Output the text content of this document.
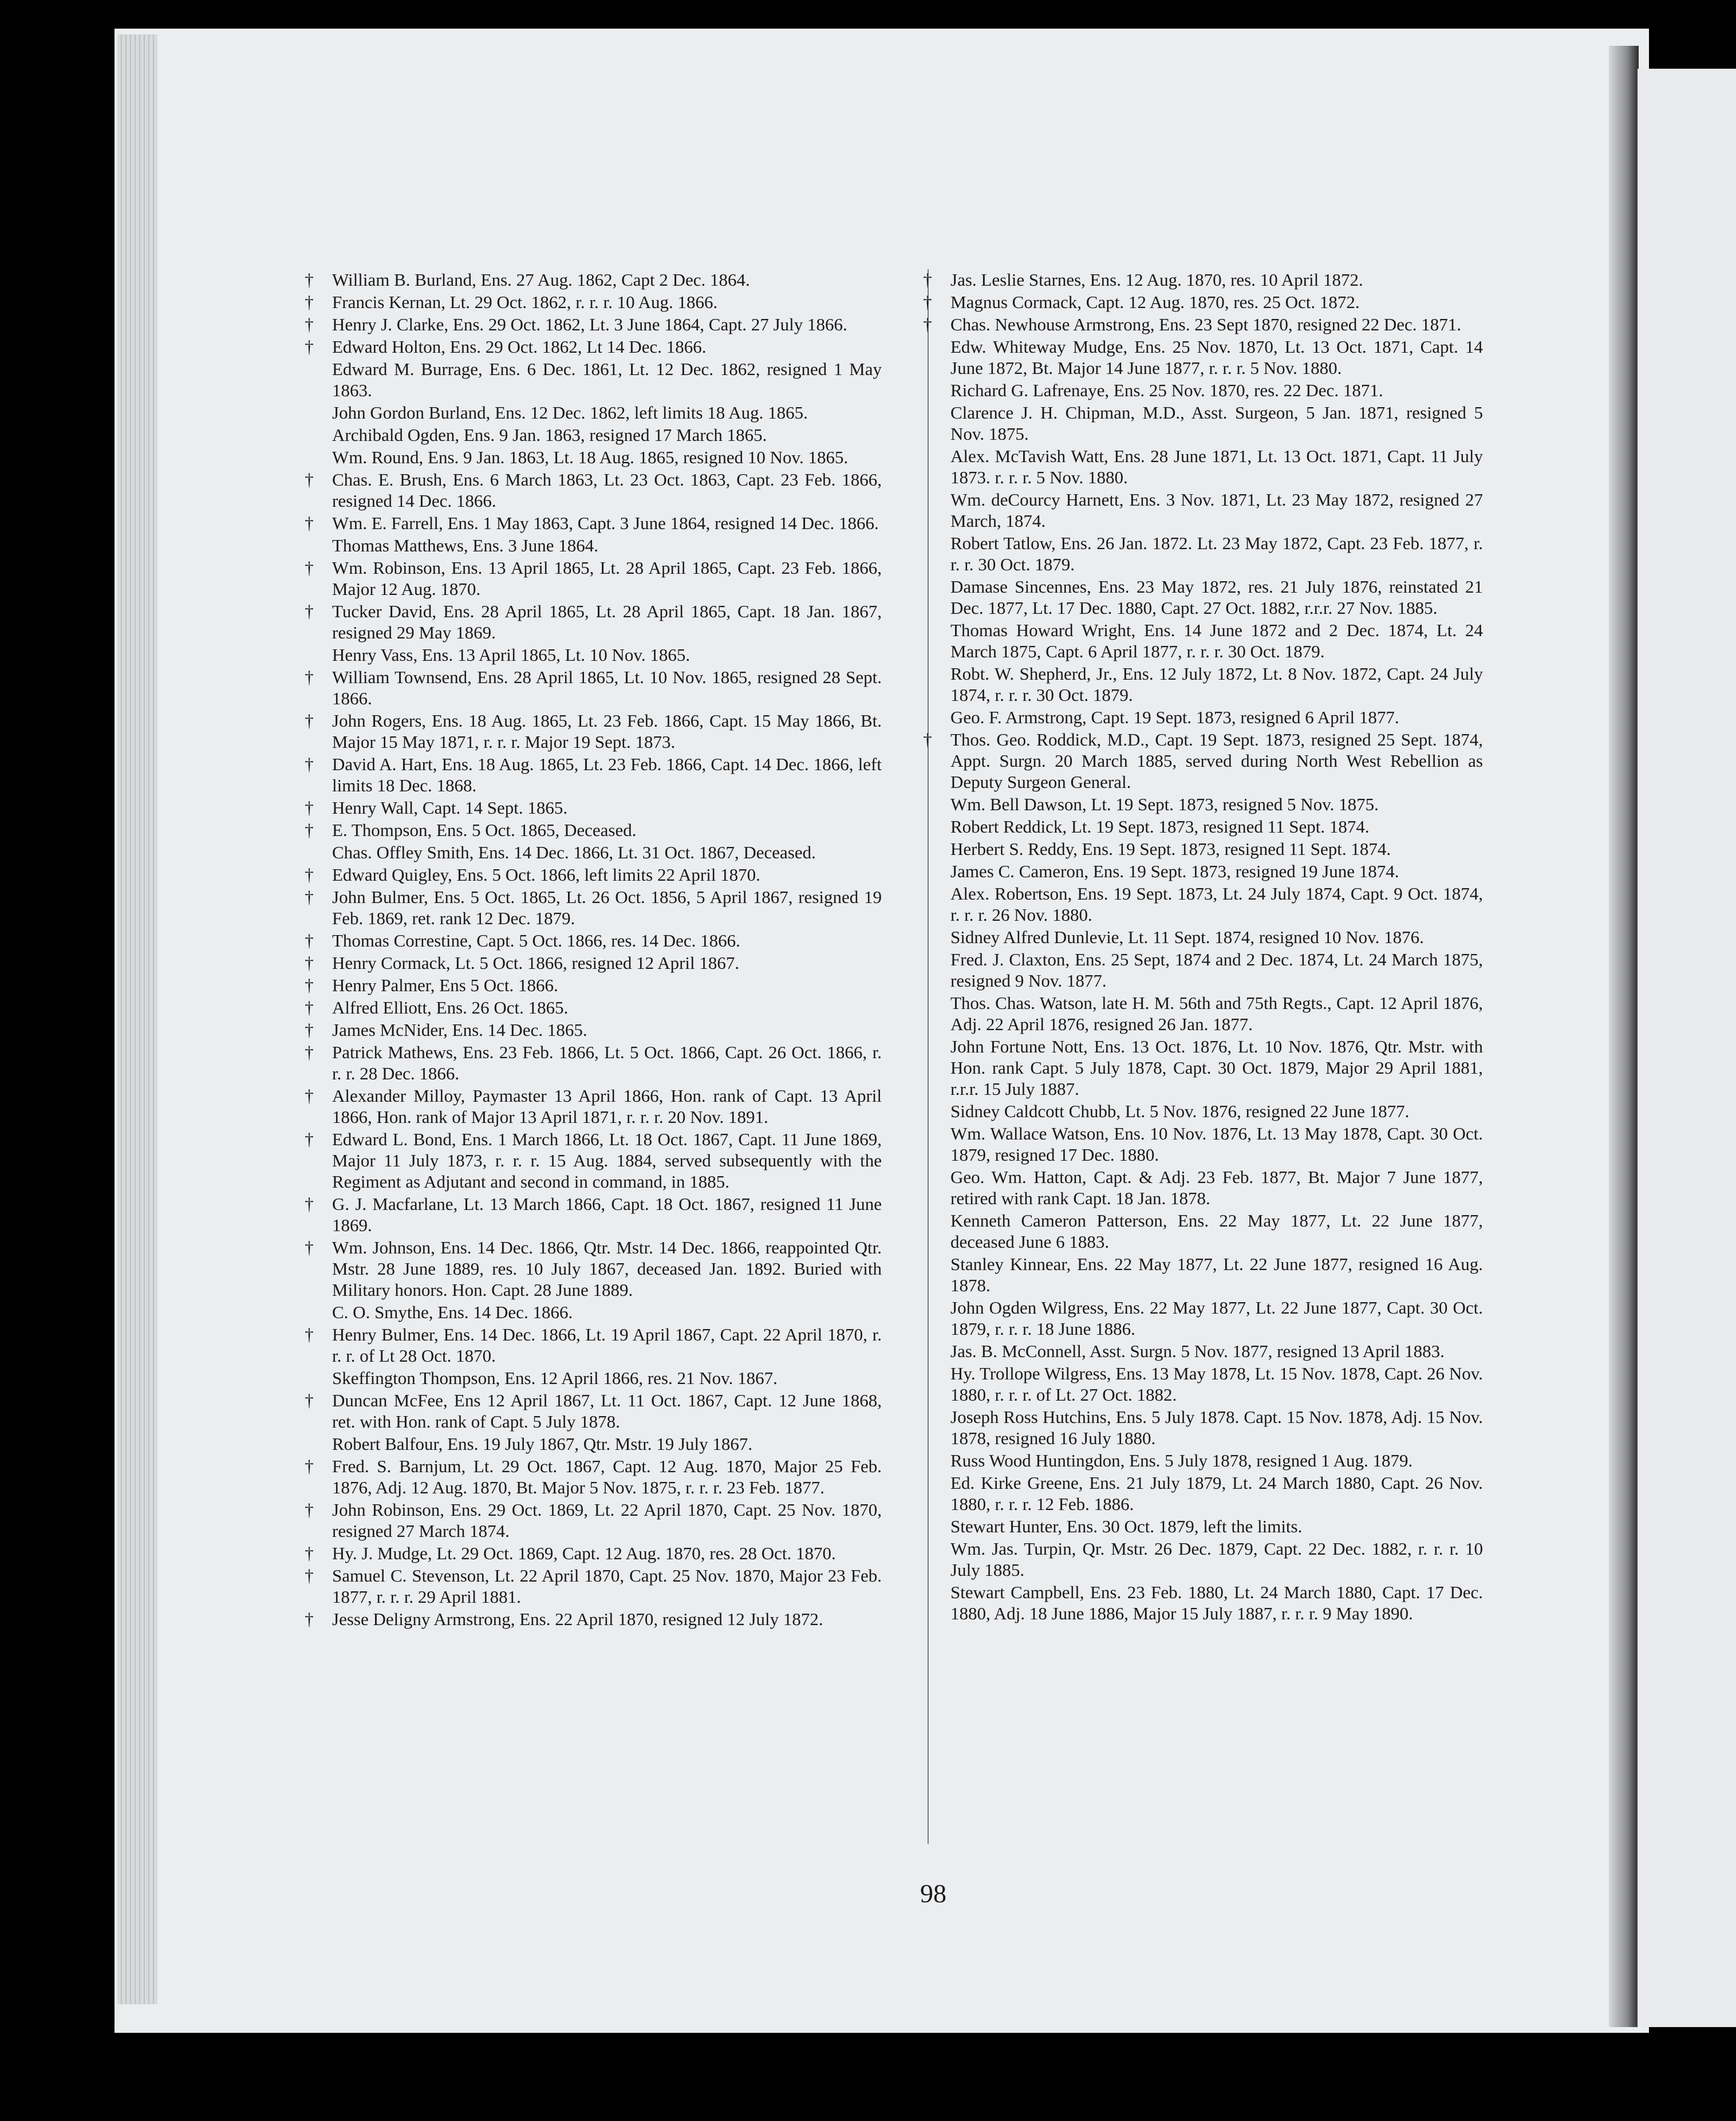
†	William B. Burland, Ens. 27 Aug. 1862, Capt 2 Dec. 1864.
†	Francis Kernan, Lt. 29 Oct. 1862, r. r. r. 10 Aug. 1866.
†	Henry J. Clarke, Ens. 29 Oct. 1862, Lt. 3 June 1864, Capt. 27 July 1866.
†	Edward Holton, Ens. 29 Oct. 1862, Lt 14 Dec. 1866.
Edward M. Burrage, Ens. 6 Dec. 1861, Lt. 12 Dec. 1862, resigned 1 May 1863.
John Gordon Burland, Ens. 12 Dec. 1862, left limits 18 Aug. 1865.
Archibald Ogden, Ens. 9 Jan. 1863, resigned 17 March 1865.
Wm. Round, Ens. 9 Jan. 1863, Lt. 18 Aug. 1865, resigned 10 Nov. 1865.
†	Chas. E. Brush, Ens. 6 March 1863, Lt. 23 Oct. 1863, Capt. 23 Feb. 1866, resigned 14 Dec. 1866.
†	Wm. E. Farrell, Ens. 1 May 1863, Capt. 3 June 1864, resigned 14 Dec. 1866.
Thomas Matthews, Ens. 3 June 1864.
†	Wm. Robinson, Ens. 13 April 1865, Lt. 28 April 1865, Capt. 23 Feb. 1866, Major 12 Aug. 1870.
†	Tucker David, Ens. 28 April 1865, Lt. 28 April 1865, Capt. 18 Jan. 1867, resigned 29 May 1869.
Henry Vass, Ens. 13 April 1865, Lt. 10 Nov. 1865.
†	William Townsend, Ens. 28 April 1865, Lt. 10 Nov. 1865, resigned 28 Sept. 1866.
†	John Rogers, Ens. 18 Aug. 1865, Lt. 23 Feb. 1866, Capt. 15 May 1866, Bt. Major 15 May 1871, r. r. r. Major 19 Sept. 1873.
†	David A. Hart, Ens. 18 Aug. 1865, Lt. 23 Feb. 1866, Capt. 14 Dec. 1866, left limits 18 Dec. 1868.
†	Henry Wall, Capt. 14 Sept. 1865.
†	E. Thompson, Ens. 5 Oct. 1865, Deceased.
Chas. Offley Smith, Ens. 14 Dec. 1866, Lt. 31 Oct. 1867, Deceased.
†	Edward Quigley, Ens. 5 Oct. 1866, left limits 22 April 1870.
†	John Bulmer, Ens. 5 Oct. 1865, Lt. 26 Oct. 1856, 5 April 1867, resigned 19 Feb. 1869, ret. rank 12 Dec. 1879.
†	Thomas Correstine, Capt. 5 Oct. 1866, res. 14 Dec. 1866.
†	Henry Cormack, Lt. 5 Oct. 1866, resigned 12 April 1867.
†	Henry Palmer, Ens 5 Oct. 1866.
†	Alfred Elliott, Ens. 26 Oct. 1865.
†	James McNider, Ens. 14 Dec. 1865.
†	Patrick Mathews, Ens. 23 Feb. 1866, Lt. 5 Oct. 1866, Capt. 26 Oct. 1866, r. r. r. 28 Dec. 1866.
†	Alexander Milloy, Paymaster 13 April 1866, Hon. rank of Capt. 13 April 1866, Hon. rank of Major 13 April 1871, r. r. r. 20 Nov. 1891.
†	Edward L. Bond, Ens. 1 March 1866, Lt. 18 Oct. 1867, Capt. 11 June 1869, Major 11 July 1873, r. r. r. 15 Aug. 1884, served subsequently with the Regiment as Adjutant and second in command, in 1885.
†	G. J. Macfarlane, Lt. 13 March 1866, Capt. 18 Oct. 1867, resigned 11 June 1869.
†	Wm. Johnson, Ens. 14 Dec. 1866, Qtr. Mstr. 14 Dec. 1866, reappointed Qtr. Mstr. 28 June 1889, res. 10 July 1867, deceased Jan. 1892. Buried with Military honors. Hon. Capt. 28 June 1889.
C. O. Smythe, Ens. 14 Dec. 1866.
†	Henry Bulmer, Ens. 14 Dec. 1866, Lt. 19 April 1867, Capt. 22 April 1870, r. r. r. of Lt 28 Oct. 1870.
Skeffington Thompson, Ens. 12 April 1866, res. 21 Nov. 1867.
†	Duncan McFee, Ens 12 April 1867, Lt. 11 Oct. 1867, Capt. 12 June 1868, ret. with Hon. rank of Capt. 5 July 1878.
Robert Balfour, Ens. 19 July 1867, Qtr. Mstr. 19 July 1867.
†	Fred. S. Barnjum, Lt. 29 Oct. 1867, Capt. 12 Aug. 1870, Major 25 Feb. 1876, Adj. 12 Aug. 1870, Bt. Major 5 Nov. 1875, r. r. r. 23 Feb. 1877.
†	John Robinson, Ens. 29 Oct. 1869, Lt. 22 April 1870, Capt. 25 Nov. 1870, resigned 27 March 1874.
†	Hy. J. Mudge, Lt. 29 Oct. 1869, Capt. 12 Aug. 1870, res. 28 Oct. 1870.
†	Samuel C. Stevenson, Lt. 22 April 1870, Capt. 25 Nov. 1870, Major 23 Feb. 1877, r. r. r. 29 April 1881.
†	Jesse Deligny Armstrong, Ens. 22 April 1870, resigned 12 July 1872.
†	Jas. Leslie Starnes, Ens. 12 Aug. 1870, res. 10 April 1872.
†	Magnus Cormack, Capt. 12 Aug. 1870, res. 25 Oct. 1872.
†	Chas. Newhouse Armstrong, Ens. 23 Sept 1870, resigned 22 Dec. 1871.
Edw. Whiteway Mudge, Ens. 25 Nov. 1870, Lt. 13 Oct. 1871, Capt. 14 June 1872, Bt. Major 14 June 1877, r. r. r. 5 Nov. 1880.
Richard G. Lafrenaye, Ens. 25 Nov. 1870, res. 22 Dec. 1871.
Clarence J. H. Chipman, M.D., Asst. Surgeon, 5 Jan. 1871, resigned 5 Nov. 1875.
Alex. McTavish Watt, Ens. 28 June 1871, Lt. 13 Oct. 1871, Capt. 11 July 1873. r. r. r. 5 Nov. 1880.
Wm. deCourcy Harnett, Ens. 3 Nov. 1871, Lt. 23 May 1872, resigned 27 March, 1874.
Robert Tatlow, Ens. 26 Jan. 1872. Lt. 23 May 1872, Capt. 23 Feb. 1877, r. r. r. 30 Oct. 1879.
Damase Sincennes, Ens. 23 May 1872, res. 21 July 1876, reinstated 21 Dec. 1877, Lt. 17 Dec. 1880, Capt. 27 Oct. 1882, r.r.r. 27 Nov. 1885.
Thomas Howard Wright, Ens. 14 June 1872 and 2 Dec. 1874, Lt. 24 March 1875, Capt. 6 April 1877, r. r. r. 30 Oct. 1879.
Robt. W. Shepherd, Jr., Ens. 12 July 1872, Lt. 8 Nov. 1872, Capt. 24 July 1874, r. r. r. 30 Oct. 1879.
Geo. F. Armstrong, Capt. 19 Sept. 1873, resigned 6 April 1877.
†	Thos. Geo. Roddick, M.D., Capt. 19 Sept. 1873, resigned 25 Sept. 1874, Appt. Surgn. 20 March 1885, served during North West Rebellion as Deputy Surgeon General.
Wm. Bell Dawson, Lt. 19 Sept. 1873, resigned 5 Nov. 1875.
Robert Reddick, Lt. 19 Sept. 1873, resigned 11 Sept. 1874.
Herbert S. Reddy, Ens. 19 Sept. 1873, resigned 11 Sept. 1874.
James C. Cameron, Ens. 19 Sept. 1873, resigned 19 June 1874.
Alex. Robertson, Ens. 19 Sept. 1873, Lt. 24 July 1874, Capt. 9 Oct. 1874, r. r. r. 26 Nov. 1880.
Sidney Alfred Dunlevie, Lt. 11 Sept. 1874, resigned 10 Nov. 1876.
Fred. J. Claxton, Ens. 25 Sept, 1874 and 2 Dec. 1874, Lt. 24 March 1875, resigned 9 Nov. 1877.
Thos. Chas. Watson, late H. M. 56th and 75th Regts., Capt. 12 April 1876, Adj. 22 April 1876, resigned 26 Jan. 1877.
John Fortune Nott, Ens. 13 Oct. 1876, Lt. 10 Nov. 1876, Qtr. Mstr. with Hon. rank Capt. 5 July 1878, Capt. 30 Oct. 1879, Major 29 April 1881, r.r.r. 15 July 1887.
Sidney Caldcott Chubb, Lt. 5 Nov. 1876, resigned 22 June 1877.
Wm. Wallace Watson, Ens. 10 Nov. 1876, Lt. 13 May 1878, Capt. 30 Oct. 1879, resigned 17 Dec. 1880.
Geo. Wm. Hatton, Capt. & Adj. 23 Feb. 1877, Bt. Major 7 June 1877, retired with rank Capt. 18 Jan. 1878.
Kenneth Cameron Patterson, Ens. 22 May 1877, Lt. 22 June 1877, deceased June 6 1883.
Stanley Kinnear, Ens. 22 May 1877, Lt. 22 June 1877, resigned 16 Aug. 1878.
John Ogden Wilgress, Ens. 22 May 1877, Lt. 22 June 1877, Capt. 30 Oct. 1879, r. r. r. 18 June 1886.
Jas. B. McConnell, Asst. Surgn. 5 Nov. 1877, resigned 13 April 1883.
Hy. Trollope Wilgress, Ens. 13 May 1878, Lt. 15 Nov. 1878, Capt. 26 Nov. 1880, r. r. r. of Lt. 27 Oct. 1882.
Joseph Ross Hutchins, Ens. 5 July 1878. Capt. 15 Nov. 1878, Adj. 15 Nov. 1878, resigned 16 July 1880.
Russ Wood Huntingdon, Ens. 5 July 1878, resigned 1 Aug. 1879.
Ed. Kirke Greene, Ens. 21 July 1879, Lt. 24 March 1880, Capt. 26 Nov. 1880, r. r. r. 12 Feb. 1886.
Stewart Hunter, Ens. 30 Oct. 1879, left the limits.
Wm. Jas. Turpin, Qr. Mstr. 26 Dec. 1879, Capt. 22 Dec. 1882, r. r. r. 10 July 1885.
Stewart Campbell, Ens. 23 Feb. 1880, Lt. 24 March 1880, Capt. 17 Dec. 1880, Adj. 18 June 1886, Major 15 July 1887, r. r. r. 9 May 1890.
98
